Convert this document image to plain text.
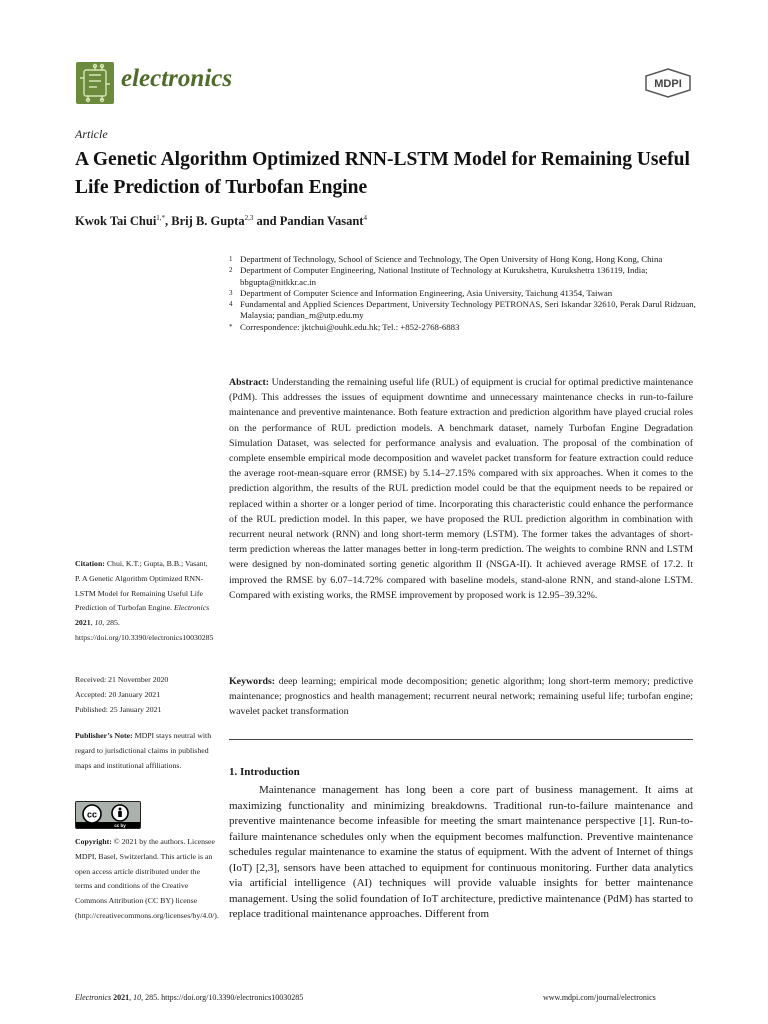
electronics	MDPI
Article
A Genetic Algorithm Optimized RNN-LSTM Model for Remaining Useful Life Prediction of Turbofan Engine
Kwok Tai Chui$^{1,*}$, Brij B. Gupta$^{2,3}$ and Pandian Vasant$^4$
1 Department of Technology, School of Science and Technology, The Open University of Hong Kong, Hong Kong, China
2 Department of Computer Engineering, National Institute of Technology at Kurukshetra, Kurukshetra 136119, India; bbgupta@nitkkr.ac.in
3 Department of Computer Science and Information Engineering, Asia University, Taichung 41354, Taiwan
4 Fundamental and Applied Sciences Department, University Technology PETRONAS, Seri Iskandar 32610, Perak Darul Ridzuan, Malaysia; pandian_m@utp.edu.my
* Correspondence: jktchui@ouhk.edu.hk; Tel.: +852-2768-6883
Abstract: Understanding the remaining useful life (RUL) of equipment is crucial for optimal predictive maintenance (PdM). This addresses the issues of equipment downtime and unnecessary maintenance checks in run-to-failure maintenance and preventive maintenance. Both feature extraction and prediction algorithm have played crucial roles on the performance of RUL prediction models. A benchmark dataset, namely Turbofan Engine Degradation Simulation Dataset, was selected for performance analysis and evaluation. The proposal of the combination of complete ensemble empirical mode decomposition and wavelet packet transform for feature extraction could reduce the average root-mean-square error (RMSE) by 5.14–27.15% compared with six approaches. When it comes to the prediction algorithm, the results of the RUL prediction model could be that the equipment needs to be repaired or replaced within a shorter or a longer period of time. Incorporating this characteristic could enhance the performance of the RUL prediction model. In this paper, we have proposed the RUL prediction algorithm in combination with recurrent neural network (RNN) and long short-term memory (LSTM). The former takes the advantages of short-term prediction whereas the latter manages better in long-term prediction. The weights to combine RNN and LSTM were designed by non-dominated sorting genetic algorithm II (NSGA-II). It achieved average RMSE of 17.2. It improved the RMSE by 6.07–14.72% compared with baseline models, stand-alone RNN, and stand-alone LSTM. Compared with existing works, the RMSE improvement by proposed work is 12.95–39.32%.
Keywords: deep learning; empirical mode decomposition; genetic algorithm; long short-term memory; predictive maintenance; prognostics and health management; recurrent neural network; remaining useful life; turbofan engine; wavelet packet transformation
Citation: Chui, K.T.; Gupta, B.B.; Vasant, P. A Genetic Algorithm Optimized RNN-LSTM Model for Remaining Useful Life Prediction of Turbofan Engine. Electronics 2021, 10, 285. https://doi.org/10.3390/electronics10030285
Received: 21 November 2020
Accepted: 20 January 2021
Published: 25 January 2021
Publisher’s Note: MDPI stays neutral with regard to jurisdictional claims in published maps and institutional affiliations.
cc
cc by
Copyright: © 2021 by the authors. Licensee MDPI, Basel, Switzerland. This article is an open access article distributed under the terms and conditions of the Creative Commons Attribution (CC BY) license (http://creativecommons.org/licenses/by/4.0/).
1. Introduction
Maintenance management has long been a core part of business management. It aims at maximizing functionality and minimizing breakdowns. Traditional run-to-failure maintenance and preventive maintenance become infeasible for meeting the smart maintenance perspective [1]. Run-to-failure maintenance schedules only when the equipment becomes malfunction. Preventive maintenance schedules regular maintenance to examine the status of equipment. With the advent of Internet of things (IoT) [2,3], sensors have been attached to equipment for continuous monitoring. Further data analytics via artificial intelligence (AI) techniques will provide valuable insights for better maintenance management. Using the solid foundation of IoT architecture, predictive maintenance (PdM) has started to replace traditional maintenance approaches. Different from
Electronics 2021, 10, 285. https://doi.org/10.3390/electronics10030285	www.mdpi.com/journal/electronics
